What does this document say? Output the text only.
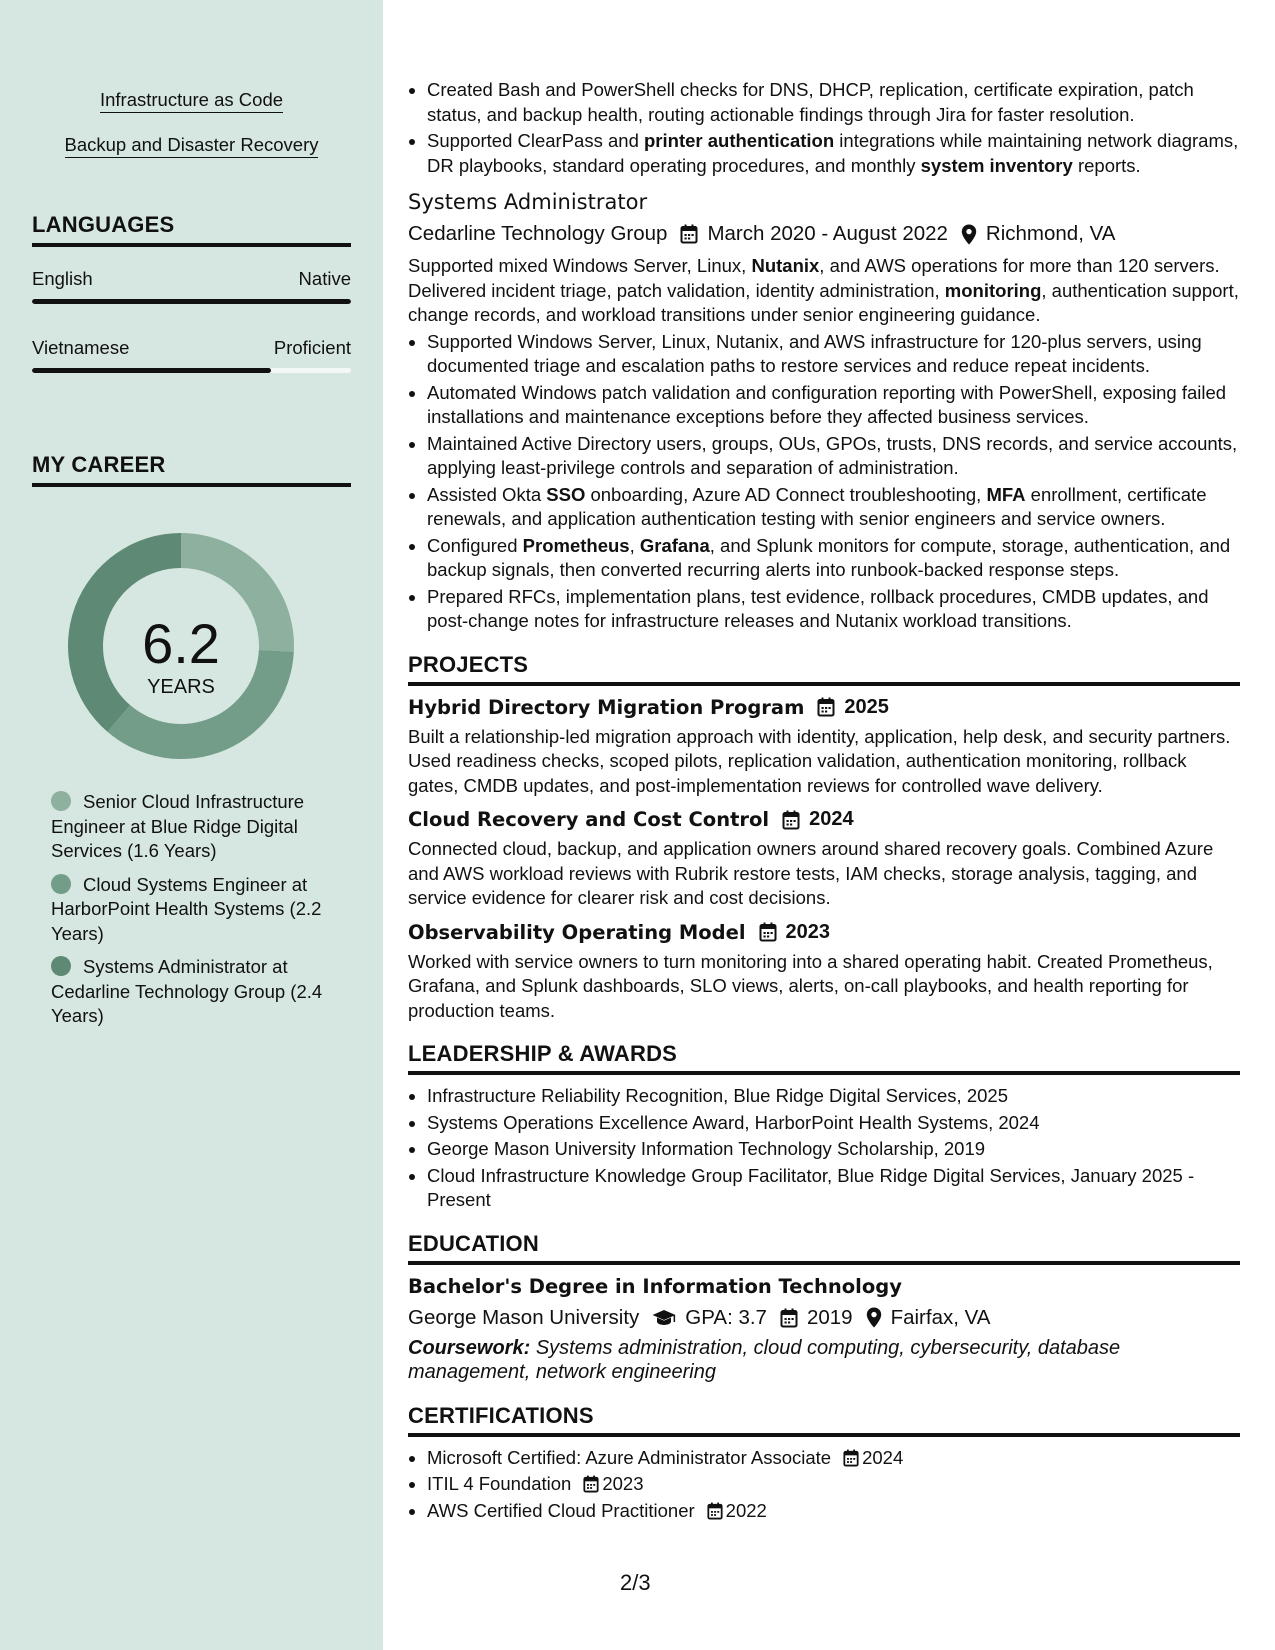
Infrastructure as Code
Backup and Disaster Recovery
LANGUAGES
English	Native
Vietnamese	Proficient
MY CAREER
6.2
YEARS
Senior Cloud Infrastructure Engineer at Blue Ridge Digital Services (1.6 Years)
Cloud Systems Engineer at HarborPoint Health Systems (2.2 Years)
Systems Administrator at Cedarline Technology Group (2.4 Years)
• Created Bash and PowerShell checks for DNS, DHCP, replication, certificate expiration, patch status, and backup health, routing actionable findings through Jira for faster resolution.
• Supported ClearPass and printer authentication integrations while maintaining network diagrams, DR playbooks, standard operating procedures, and monthly system inventory reports.
Systems Administrator
Cedarline Technology Group March 2020 - August 2022 Richmond, VA
Supported mixed Windows Server, Linux, Nutanix, and AWS operations for more than 120 servers. Delivered incident triage, patch validation, identity administration, monitoring, authentication support, change records, and workload transitions under senior engineering guidance.
• Supported Windows Server, Linux, Nutanix, and AWS infrastructure for 120-plus servers, using documented triage and escalation paths to restore services and reduce repeat incidents.
• Automated Windows patch validation and configuration reporting with PowerShell, exposing failed installations and maintenance exceptions before they affected business services.
• Maintained Active Directory users, groups, OUs, GPOs, trusts, DNS records, and service accounts, applying least-privilege controls and separation of administration.
• Assisted Okta SSO onboarding, Azure AD Connect troubleshooting, MFA enrollment, certificate renewals, and application authentication testing with senior engineers and service owners.
• Configured Prometheus, Grafana, and Splunk monitors for compute, storage, authentication, and backup signals, then converted recurring alerts into runbook-backed response steps.
• Prepared RFCs, implementation plans, test evidence, rollback procedures, CMDB updates, and post-change notes for infrastructure releases and Nutanix workload transitions.
PROJECTS
Hybrid Directory Migration Program 2025
Built a relationship-led migration approach with identity, application, help desk, and security partners. Used readiness checks, scoped pilots, replication validation, authentication monitoring, rollback gates, CMDB updates, and post-implementation reviews for controlled wave delivery.
Cloud Recovery and Cost Control 2024
Connected cloud, backup, and application owners around shared recovery goals. Combined Azure and AWS workload reviews with Rubrik restore tests, IAM checks, storage analysis, tagging, and service evidence for clearer risk and cost decisions.
Observability Operating Model 2023
Worked with service owners to turn monitoring into a shared operating habit. Created Prometheus, Grafana, and Splunk dashboards, SLO views, alerts, on-call playbooks, and health reporting for production teams.
LEADERSHIP & AWARDS
• Infrastructure Reliability Recognition, Blue Ridge Digital Services, 2025
• Systems Operations Excellence Award, HarborPoint Health Systems, 2024
• George Mason University Information Technology Scholarship, 2019
• Cloud Infrastructure Knowledge Group Facilitator, Blue Ridge Digital Services, January 2025 - Present
EDUCATION
Bachelor's Degree in Information Technology
George Mason University GPA: 3.7 2019 Fairfax, VA
Coursework: Systems administration, cloud computing, cybersecurity, database management, network engineering
CERTIFICATIONS
• Microsoft Certified: Azure Administrator Associate 2024
• ITIL 4 Foundation 2023
• AWS Certified Cloud Practitioner 2022
2/3
